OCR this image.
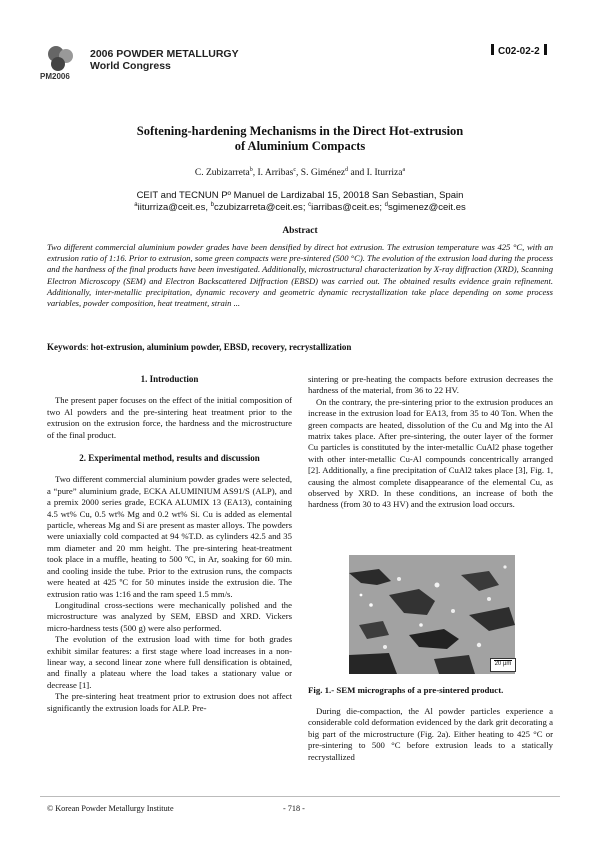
PM2006
2006 POWDER METALLURGY
World Congress
C02-02-2
Softening-hardening Mechanisms in the Direct Hot-extrusion
of Aluminium Compacts
C. Zubizarreta$^b$, I. Arribas$^c$, S. Giménez$^d$ and I. Iturriza$^a$
CEIT and TECNUN Pº Manuel de Lardizabal 15, 20018 San Sebastian, Spain
$^a$iiturriza@ceit.es, $^b$czubizarreta@ceit.es; $^c$iarribas@ceit.es; $^d$sgimenez@ceit.es
Abstract
Two different commercial aluminium powder grades have been densified by direct hot extrusion. The extrusion temperature was 425 °C, with an extrusion ratio of 1:16. Prior to extrusion, some green compacts were pre-sintered (500 °C). The evolution of the extrusion load during the process and the hardness of the final products have been investigated. Additionally, microstructural characterization by X-ray diffraction (XRD), Scanning Electron Microscopy (SEM) and Electron Backscattered Diffraction (EBSD) was carried out. The obtained results evidence grain refinement. Additionally, inter-metallic precipitation, dynamic recovery and geometric dynamic recrystallization take place depending on some process variables, powder composition, heat treatment, strain ...
Keywords: hot-extrusion, aluminium powder, EBSD, recovery, recrystallization
1. Introduction

The present paper focuses on the effect of the initial composition of two Al powders and the pre-sintering heat treatment prior to the extrusion on the extrusion force, the hardness and the microstructure of the final product.

2. Experimental method, results and discussion

Two different commercial aluminium powder grades were selected, a “pure” aluminium grade, ECKA ALUMINIUM AS91/S (ALP), and a premix 2000 series grade, ECKA ALUMIX 13 (EA13), containing 4.5 wt% Cu, 0.5 wt% Mg and 0.2 wt% Si. Cu is added as elemental particle, whereas Mg and Si are present as master alloys. The powders were uniaxially cold compacted at 94 %T.D. as cylinders 42.5 and 35 mm diameter and 20 mm height. The pre-sintering heat-treatment took place in a muffle, heating to 500 ºC, in Ar, soaking for 60 min. and cooling inside the tube. Prior to the extrusion runs, the compacts were heated at 425 ºC for 50 minutes inside the extrusion die. The extrusion ratio was 1:16 and the ram speed 1.5 mm/s.

Longitudinal cross-sections were mechanically polished and the microstructure was analyzed by SEM, EBSD and XRD. Vickers micro-hardness tests (500 g) were also performed.

The evolution of the extrusion load with time for both grades exhibit similar features: a first stage where load increases in a non-linear way, a second linear zone where full densification is obtained, and finally a plateau where the load takes a stationary value or decrease [1].

The pre-sintering heat treatment prior to extrusion does not affect significantly the extrusion loads for ALP. Pre-

sintering or pre-heating the compacts before extrusion decreases the hardness of the material, from 36 to 22 HV.

On the contrary, the pre-sintering prior to the extrusion produces an increase in the extrusion load for EA13, from 35 to 40 Ton. When the green compacts are heated, dissolution of the Cu and Mg into the Al matrix takes place. After pre-sintering, the outer layer of the former Cu particles is constituted by the inter-metallic CuAl2 phase together with other inter-metallic Cu-Al compounds concentrically arranged [2]. Additionally, a fine precipitation of CuAl2 takes place [3], Fig. 1, causing the almost complete disappearance of the elemental Cu, as observed by XRD. In these conditions, an increase of both the hardness (from 30 to 43 HV) and the extrusion load occurs.

20 µm
Fig. 1.- SEM micrographs of a pre-sintered product.

During die-compaction, the Al powder particles experience a considerable cold deformation evidenced by the dark grit decorating a big part of the microstructure (Fig. 2a). Either heating to 425 °C or pre-sintering to 500 °C before extrusion leads to a statically recrystallized

© Korean Powder Metallurgy Institute	- 718 -
